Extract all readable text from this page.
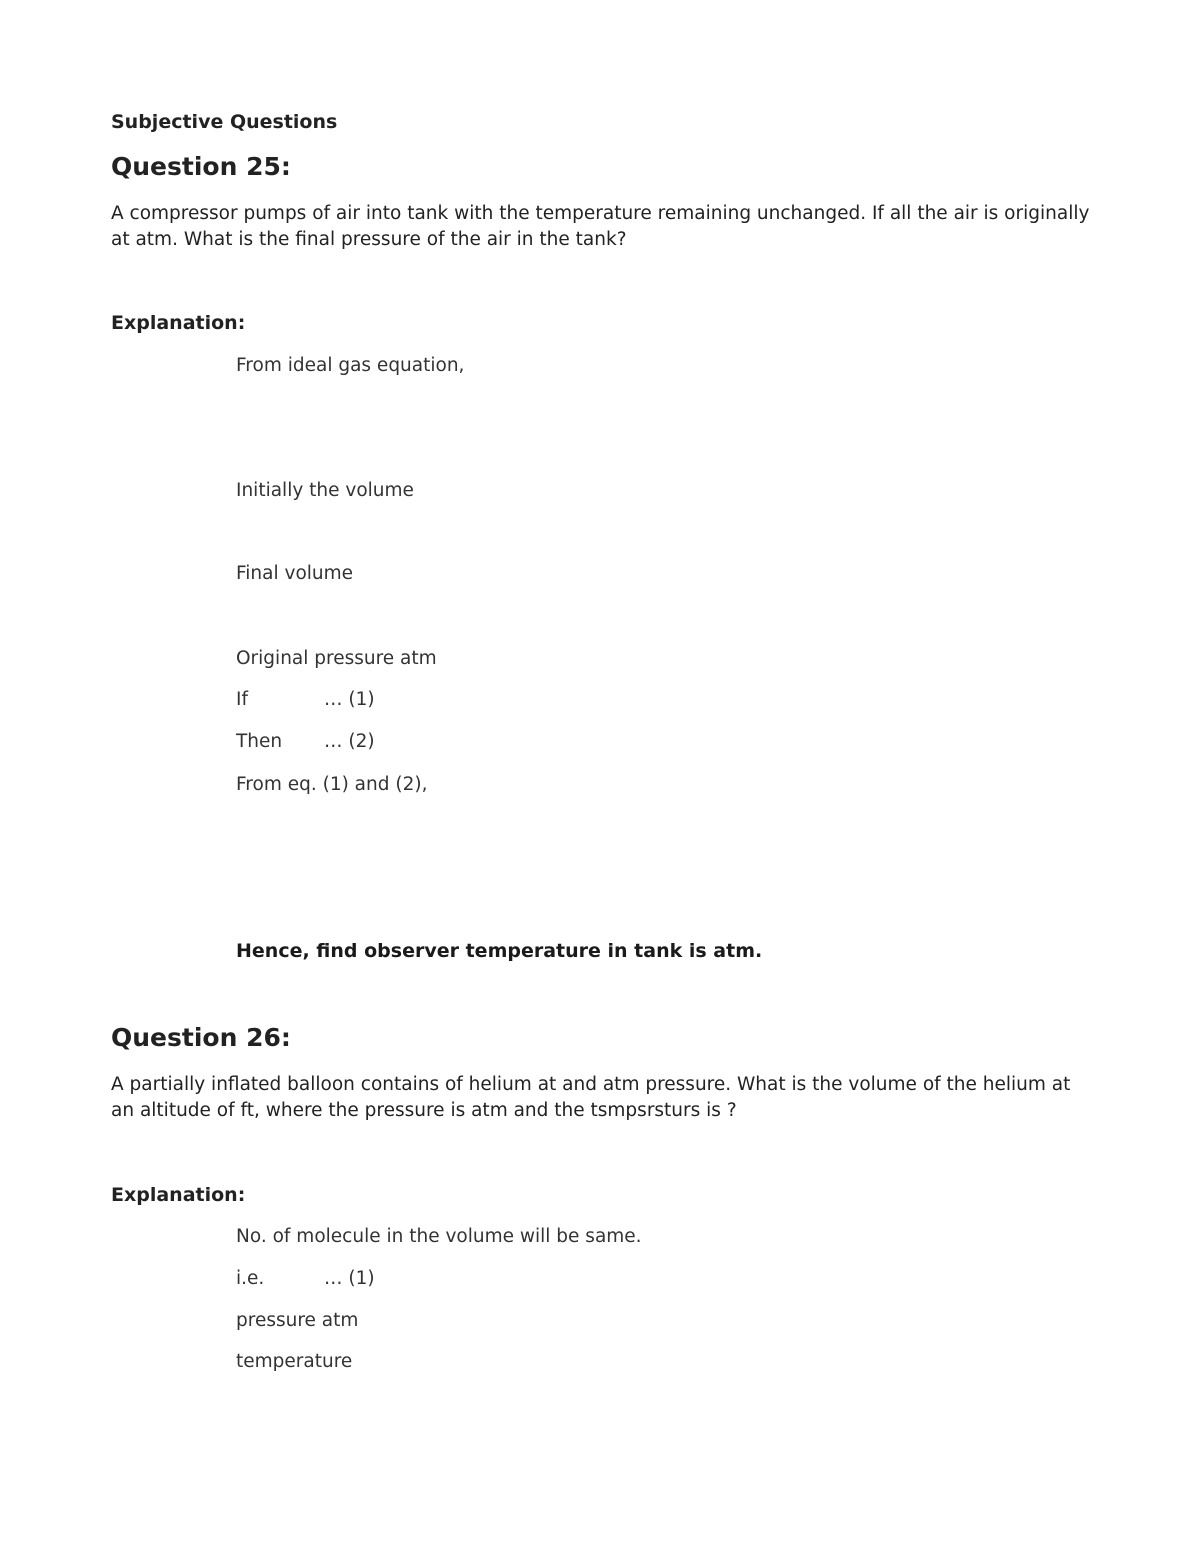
Subjective Questions
Question 25:
A compressor pumps of air into tank with the temperature remaining unchanged. If all the air is originally at atm. What is the final pressure of the air in the tank?
Explanation:
From ideal gas equation,
Initially the volume
Final volume
Original pressure atm
If	… (1)
Then … (2)
From eq. (1) and (2),
Hence, find observer temperature in tank is atm.
Question 26:
A partially inflated balloon contains of helium at and atm pressure. What is the volume of the helium at an altitude of ft, where the pressure is atm and the tsmpsrsturs is ?
Explanation:
No. of molecule in the volume will be same.
i.e.	… (1)
pressure atm
temperature
